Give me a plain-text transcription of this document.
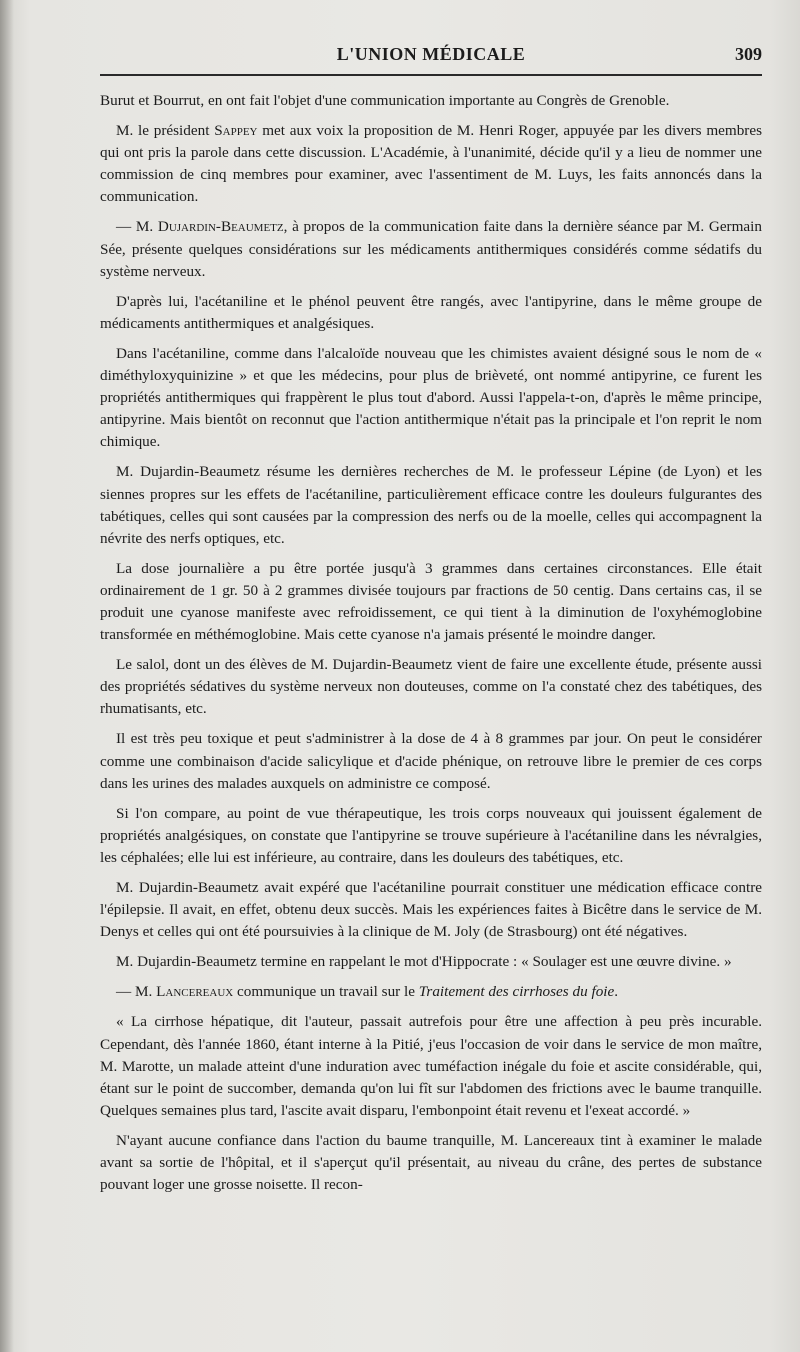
L'UNION MÉDICALE	309

Burut et Bourrut, en ont fait l'objet d'une communication importante au Congrès de Grenoble.

M. le président Sappey met aux voix la proposition de M. Henri Roger, appuyée par les divers membres qui ont pris la parole dans cette discussion. L'Académie, à l'unanimité, décide qu'il y a lieu de nommer une commission de cinq membres pour examiner, avec l'assentiment de M. Luys, les faits annoncés dans la communication.

— M. Dujardin-Beaumetz, à propos de la communication faite dans la dernière séance par M. Germain Sée, présente quelques considérations sur les médicaments antithermiques considérés comme sédatifs du système nerveux.

D'après lui, l'acétaniline et le phénol peuvent être rangés, avec l'antipyrine, dans le même groupe de médicaments antithermiques et analgésiques.

Dans l'acétaniline, comme dans l'alcaloïde nouveau que les chimistes avaient désigné sous le nom de « diméthyloxyquinizine » et que les médecins, pour plus de brièveté, ont nommé antipyrine, ce furent les propriétés antithermiques qui frappèrent le plus tout d'abord. Aussi l'appela-t-on, d'après le même principe, antipyrine. Mais bientôt on reconnut que l'action antithermique n'était pas la principale et l'on reprit le nom chimique.

M. Dujardin-Beaumetz résume les dernières recherches de M. le professeur Lépine (de Lyon) et les siennes propres sur les effets de l'acétaniline, particulièrement efficace contre les douleurs fulgurantes des tabétiques, celles qui sont causées par la compression des nerfs ou de la moelle, celles qui accompagnent la névrite des nerfs optiques, etc.

La dose journalière a pu être portée jusqu'à 3 grammes dans certaines circonstances. Elle était ordinairement de 1 gr. 50 à 2 grammes divisée toujours par fractions de 50 centig. Dans certains cas, il se produit une cyanose manifeste avec refroidissement, ce qui tient à la diminution de l'oxyhémoglobine transformée en méthémoglobine. Mais cette cyanose n'a jamais présenté le moindre danger.

Le salol, dont un des élèves de M. Dujardin-Beaumetz vient de faire une excellente étude, présente aussi des propriétés sédatives du système nerveux non douteuses, comme on l'a constaté chez des tabétiques, des rhumatisants, etc.

Il est très peu toxique et peut s'administrer à la dose de 4 à 8 grammes par jour. On peut le considérer comme une combinaison d'acide salicylique et d'acide phénique, on retrouve libre le premier de ces corps dans les urines des malades auxquels on administre ce composé.

Si l'on compare, au point de vue thérapeutique, les trois corps nouveaux qui jouissent également de propriétés analgésiques, on constate que l'antipyrine se trouve supérieure à l'acétaniline dans les névralgies, les céphalées; elle lui est inférieure, au contraire, dans les douleurs des tabétiques, etc.

M. Dujardin-Beaumetz avait expéré que l'acétaniline pourrait constituer une médication efficace contre l'épilepsie. Il avait, en effet, obtenu deux succès. Mais les expériences faites à Bicêtre dans le service de M. Denys et celles qui ont été poursuivies à la clinique de M. Joly (de Strasbourg) ont été négatives.

M. Dujardin-Beaumetz termine en rappelant le mot d'Hippocrate : « Soulager est une œuvre divine. »

— M. Lancereaux communique un travail sur le Traitement des cirrhoses du foie.

« La cirrhose hépatique, dit l'auteur, passait autrefois pour être une affection à peu près incurable. Cependant, dès l'année 1860, étant interne à la Pitié, j'eus l'occasion de voir dans le service de mon maître, M. Marotte, un malade atteint d'une induration avec tuméfaction inégale du foie et ascite considérable, qui, étant sur le point de succomber, demanda qu'on lui fît sur l'abdomen des frictions avec le baume tranquille. Quelques semaines plus tard, l'ascite avait disparu, l'embonpoint était revenu et l'exeat accordé. »

N'ayant aucune confiance dans l'action du baume tranquille, M. Lancereaux tint à examiner le malade avant sa sortie de l'hôpital, et il s'aperçut qu'il présentait, au niveau du crâne, des pertes de substance pouvant loger une grosse noisette. Il recon-
